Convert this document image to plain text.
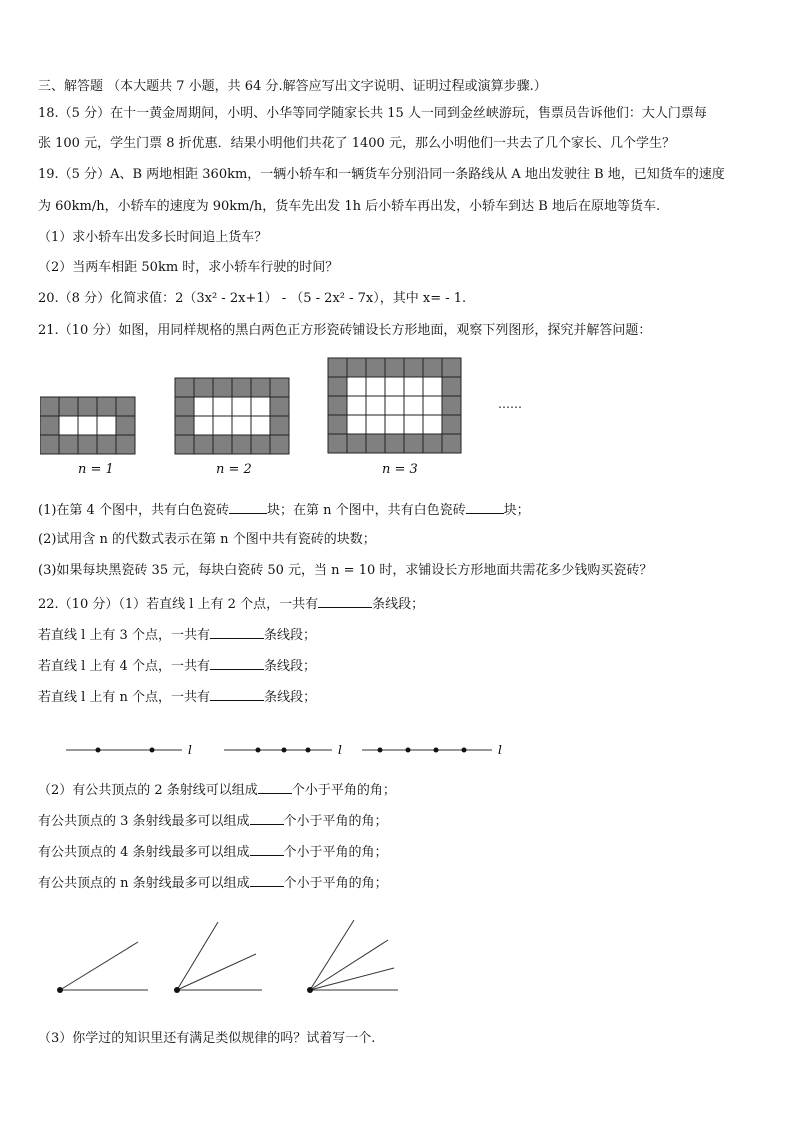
三、解答题 （本大题共 7 小题，共 64 分.解答应写出文字说明、证明过程或演算步骤.）
18.（5 分）在十一黄金周期间，小明、小华等同学随家长共 15 人一同到金丝峡游玩，售票员告诉他们：大人门票每
张 100 元，学生门票 8 折优惠．结果小明他们共花了 1400 元，那么小明他们一共去了几个家长、几个学生？
19.（5 分）A、B 两地相距 360km，一辆小轿车和一辆货车分别沿同一条路线从 A 地出发驶往 B 地，已知货车的速度
为 60km/h，小轿车的速度为 90km/h，货车先出发 1h 后小轿车再出发，小轿车到达 B 地后在原地等货车.
（1）求小轿车出发多长时间追上货车？
（2）当两车相距 50km 时，求小轿车行驶的时间？
20.（8 分）化简求值：2（3x² - 2x+1） - （5 - 2x² - 7x），其中 x= - 1.
21.（10 分）如图，用同样规格的黑白两色正方形瓷砖铺设长方形地面，观察下列图形，探究并解答问题：
n = 1	n = 2	n = 3
……
(1)在第 4 个图中，共有白色瓷砖	块；在第 n 个图中，共有白色瓷砖	块；
(2)试用含 n 的代数式表示在第 n 个图中共有瓷砖的块数；
(3)如果每块黑瓷砖 35 元，每块白瓷砖 50 元，当 n = 10 时，求铺设长方形地面共需花多少钱购买瓷砖？
22.（10 分）（1）若直线 l 上有 2 个点，一共有	条线段；
若直线 l 上有 3 个点，一共有	条线段；
若直线 l 上有 4 个点，一共有	条线段；
若直线 l 上有 n 个点，一共有	条线段；
l	l	l
（2）有公共顶点的 2 条射线可以组成	个小于平角的角；
有公共顶点的 3 条射线最多可以组成	个小于平角的角；
有公共顶点的 4 条射线最多可以组成	个小于平角的角；
有公共顶点的 n 条射线最多可以组成	个小于平角的角；
（3）你学过的知识里还有满足类似规律的吗？试着写一个.
